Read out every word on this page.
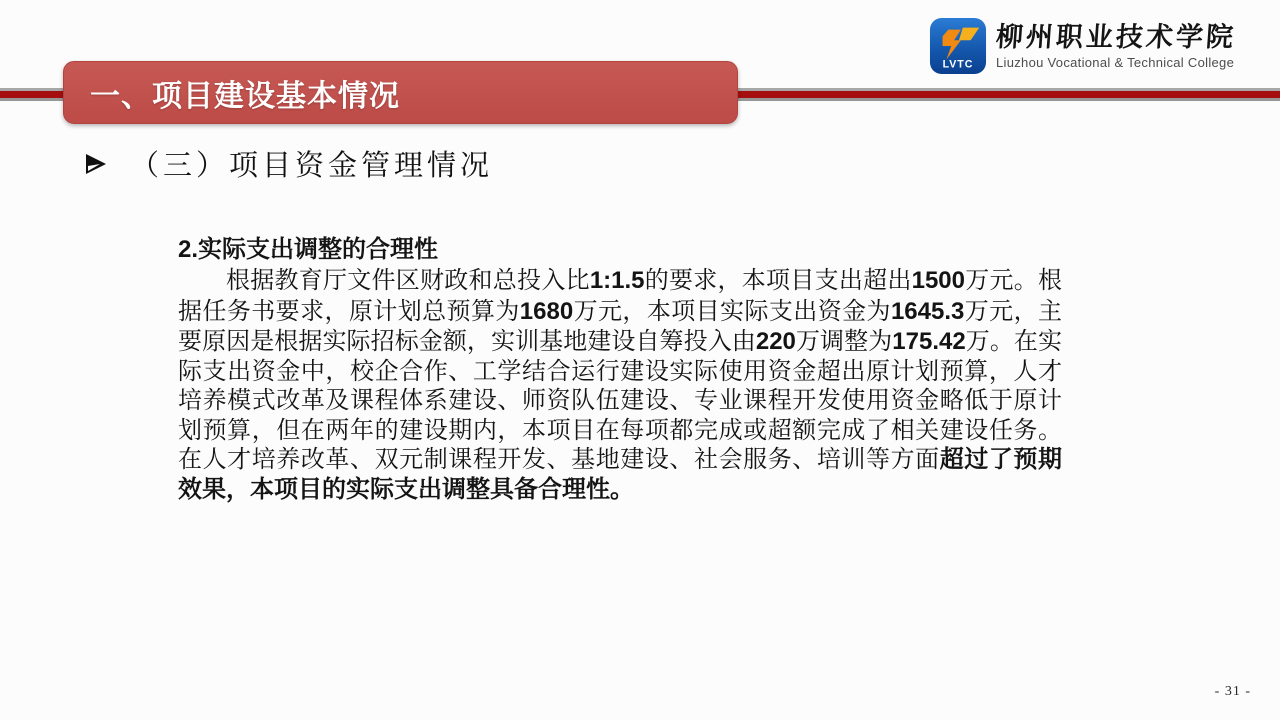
一、项目建设基本情况
LVTC
柳州职业技术学院
Liuzhou Vocational & Technical College
（三）项目资金管理情况
2.实际支出调整的合理性
根据教育厅文件区财政和总投入比1:1.5的要求，本项目支出超出1500万元。根据任务书要求，原计划总预算为1680万元，本项目实际支出资金为1645.3万元，主要原因是根据实际招标金额，实训基地建设自筹投入由220万调整为175.42万。在实际支出资金中，校企合作、工学结合运行建设实际使用资金超出原计划预算，人才培养模式改革及课程体系建设、师资队伍建设、专业课程开发使用资金略低于原计划预算，但在两年的建设期内，本项目在每项都完成或超额完成了相关建设任务。在人才培养改革、双元制课程开发、基地建设、社会服务、培训等方面超过了预期效果，本项目的实际支出调整具备合理性。
- 31 -
